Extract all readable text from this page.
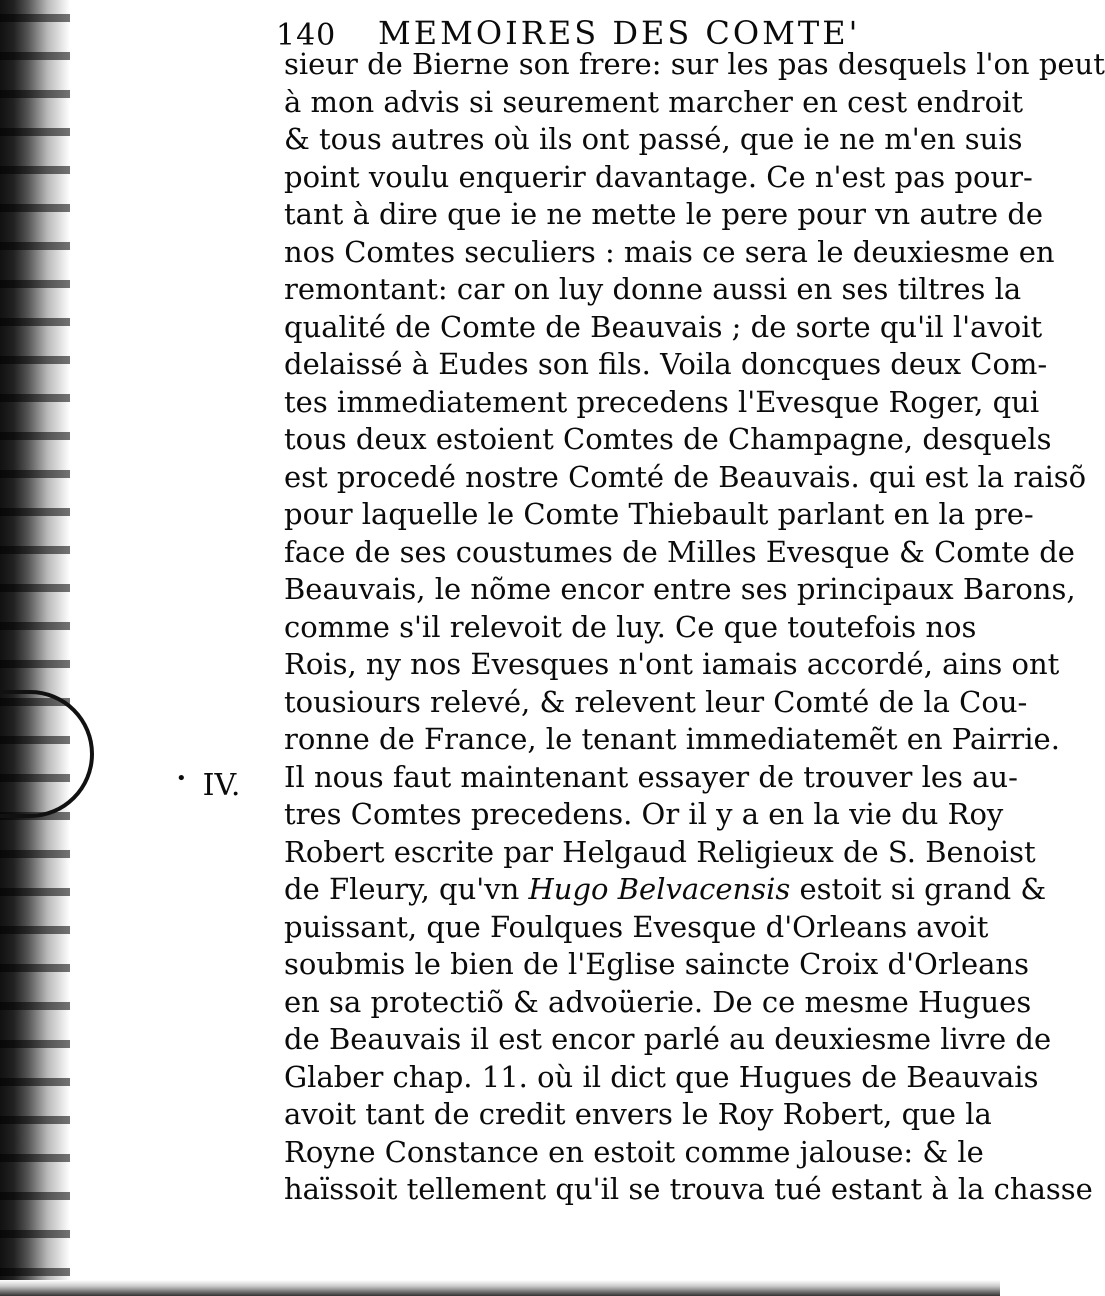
140 MEMOIRES DES COMTE'
• IV.
sieur de Bierne son frere: sur les pas desquels l'on peut
à mon advis si seurement marcher en cest endroit
& tous autres où ils ont passé, que ie ne m'en suis
point voulu enquerir davantage. Ce n'est pas pour-
tant à dire que ie ne mette le pere pour vn autre de
nos Comtes seculiers : mais ce sera le deuxiesme en
remontant: car on luy donne aussi en ses tiltres la
qualité de Comte de Beauvais ; de sorte qu'il l'avoit
delaissé à Eudes son fils. Voila doncques deux Com-
tes immediatement precedens l'Evesque Roger, qui
tous deux estoient Comtes de Champagne, desquels
est procedé nostre Comté de Beauvais. qui est la raisõ
pour laquelle le Comte Thiebault parlant en la pre-
face de ses coustumes de Milles Evesque & Comte de
Beauvais, le nõme encor entre ses principaux Barons,
comme s'il relevoit de luy. Ce que toutefois nos
Rois, ny nos Evesques n'ont iamais accordé, ains ont
tousiours relevé, & relevent leur Comté de la Cou-
ronne de France, le tenant immediatemẽt en Pairrie.
Il nous faut maintenant essayer de trouver les au-
tres Comtes precedens. Or il y a en la vie du Roy
Robert escrite par Helgaud Religieux de S. Benoist
de Fleury, qu'vn Hugo Belvacensis estoit si grand &
puissant, que Foulques Evesque d'Orleans avoit
soubmis le bien de l'Eglise saincte Croix d'Orleans
en sa protectiõ & advoüerie. De ce mesme Hugues
de Beauvais il est encor parlé au deuxiesme livre de
Glaber chap. 11. où il dict que Hugues de Beauvais
avoit tant de credit envers le Roy Robert, que la
Royne Constance en estoit comme jalouse: & le
haïssoit tellement qu'il se trouva tué estant à la chasse
